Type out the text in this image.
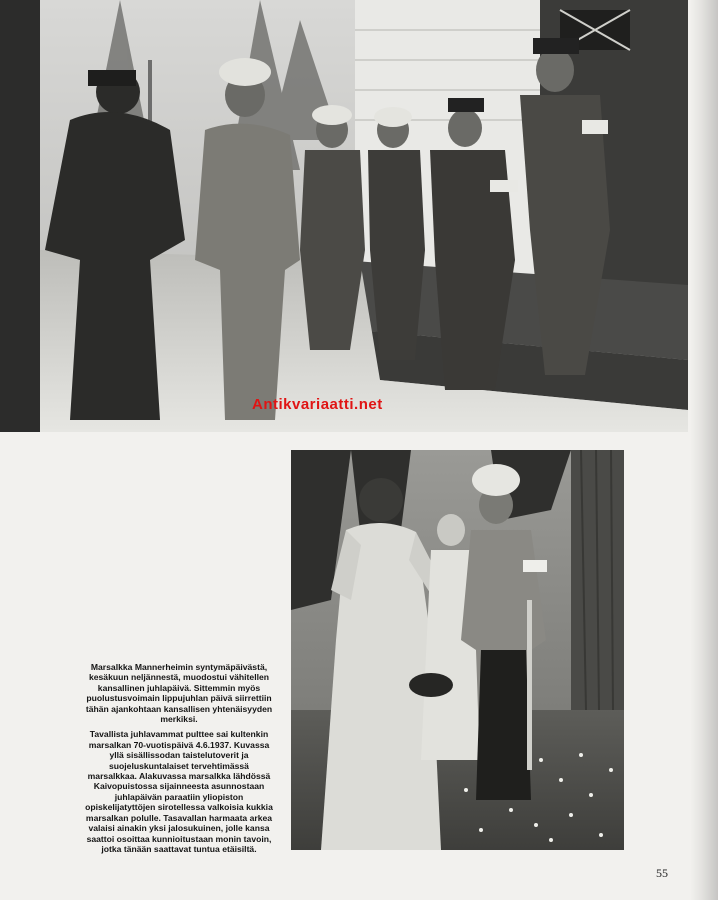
Antikvariaatti.net

Marsalkka Mannerheimin syntymäpäivästä, kesäkuun neljännestä, muodostui vähitellen kansallinen juhlapäivä. Sittemmin myös puolustusvoimain lippujuhlan päivä siirrettiin tähän ajankohtaan kansallisen yhtenäisyyden merkiksi.

Tavallista juhlavammat pulttee sai kultenkin marsalkan 70-vuotispäivä 4.6.1937. Kuvassa yllä sisällissodan taistelutoverit ja suojeluskuntalaiset tervehtimässä marsalkkaa. Alakuvassa marsalkka lähdössä Kaivopuistossa sijainneesta asunnostaan juhlapäivän paraatiin yliopiston opiskelijatyttöjen sirotellessa valkoisia kukkia marsalkan polulle. Tasavallan harmaata arkea valaisi ainakin yksi jalosukuinen, jolle kansa saattoi osoittaa kunnioitustaan monin tavoin, jotka tänään saattavat tuntua etäisiltä.

55
